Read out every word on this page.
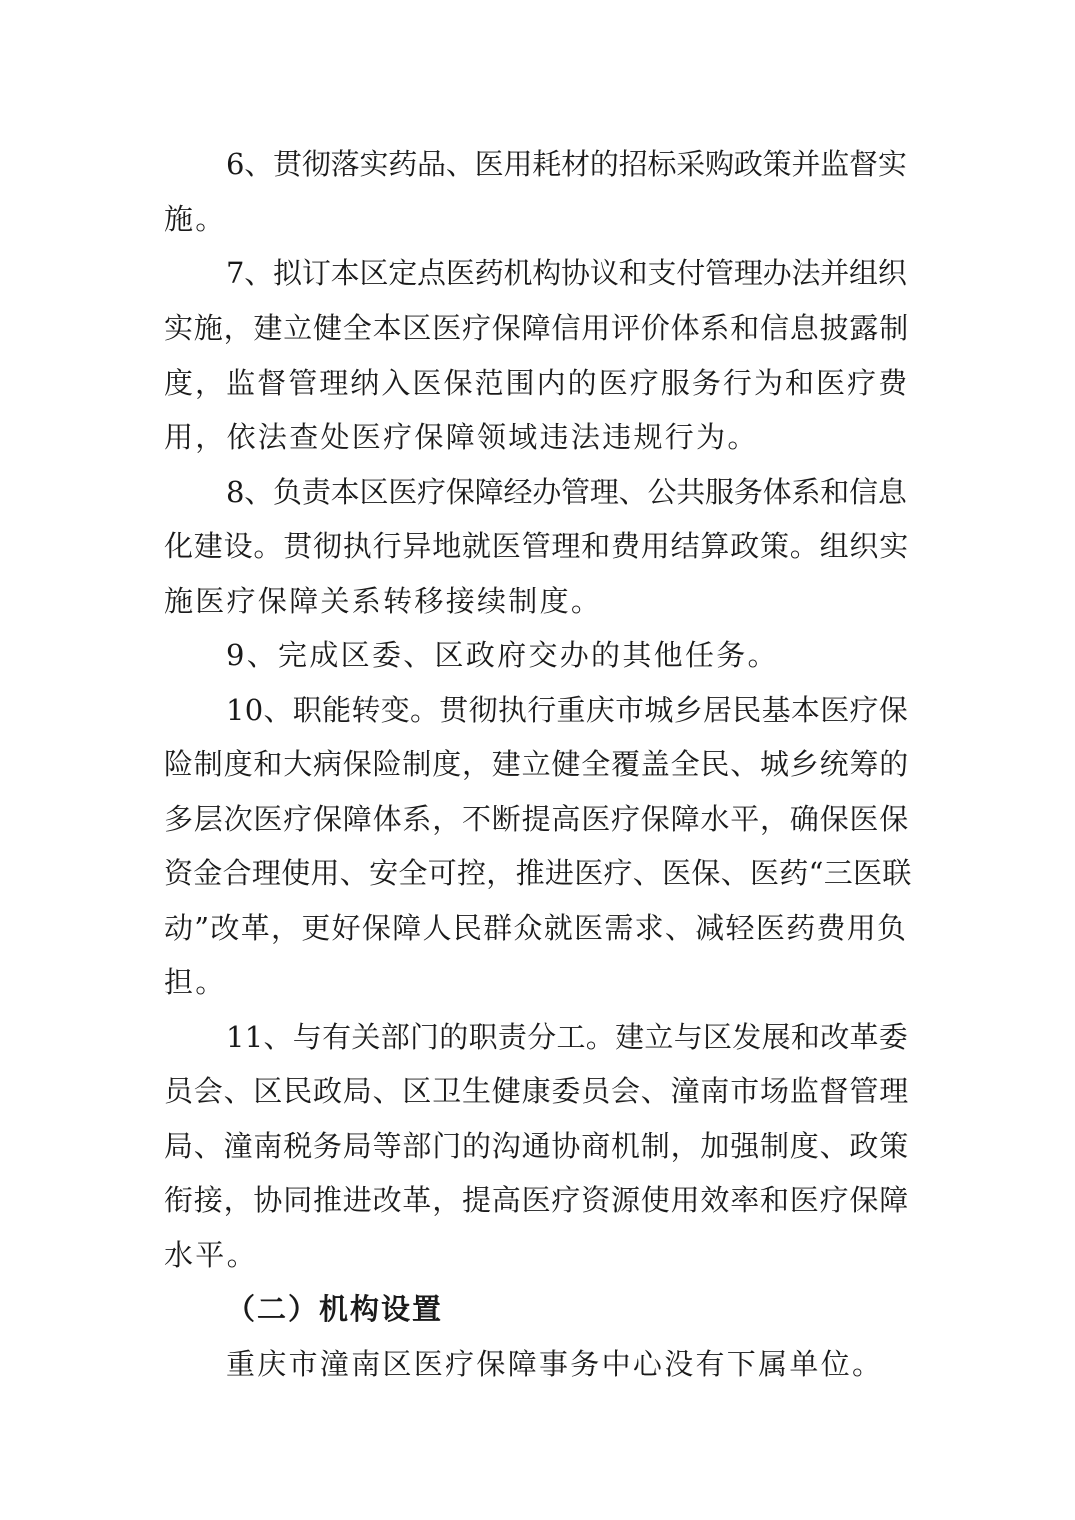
6、贯彻落实药品、医用耗材的招标采购政策并监督实
施。
7、拟订本区定点医药机构协议和支付管理办法并组织
实施，建立健全本区医疗保障信用评价体系和信息披露制
度，监督管理纳入医保范围内的医疗服务行为和医疗费
用，依法查处医疗保障领域违法违规行为。
8、负责本区医疗保障经办管理、公共服务体系和信息
化建设。贯彻执行异地就医管理和费用结算政策。组织实
施医疗保障关系转移接续制度。
9、完成区委、区政府交办的其他任务。
10、职能转变。贯彻执行重庆市城乡居民基本医疗保
险制度和大病保险制度，建立健全覆盖全民、城乡统筹的
多层次医疗保障体系，不断提高医疗保障水平，确保医保
资金合理使用、安全可控，推进医疗、医保、医药“三医联
动”改革，更好保障人民群众就医需求、减轻医药费用负
担。
11、与有关部门的职责分工。建立与区发展和改革委
员会、区民政局、区卫生健康委员会、潼南市场监督管理
局、潼南税务局等部门的沟通协商机制，加强制度、政策
衔接，协同推进改革，提高医疗资源使用效率和医疗保障
水平。
（二）机构设置
重庆市潼南区医疗保障事务中心没有下属单位。
